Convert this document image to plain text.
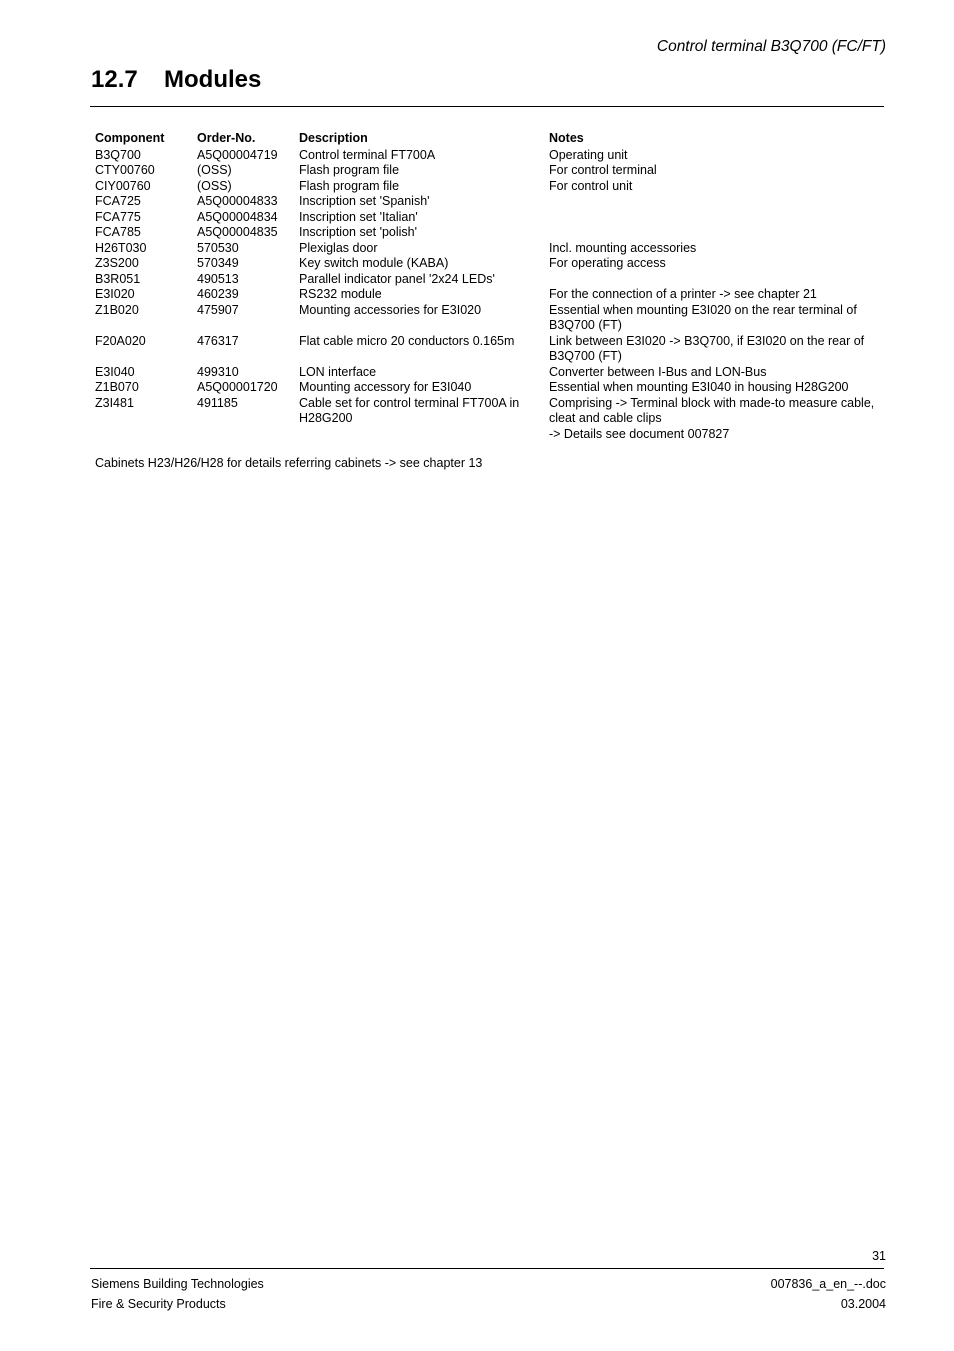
Control terminal B3Q700 (FC/FT)
12.7 Modules
Component	Order-No.	Description	Notes
B3Q700	A5Q00004719	Control terminal FT700A	Operating unit

CTY00760	(OSS)	Flash program file	For control terminal

CIY00760	(OSS)	Flash program file	For control unit

FCA725	A5Q00004833	Inscription set 'Spanish'	
FCA775	A5Q00004834	Inscription set 'Italian'	
FCA785	A5Q00004835	Inscription set 'polish'	
H26T030	570530	Plexiglas door	Incl. mounting accessories

Z3S200	570349	Key switch module (KABA)	For operating access

B3R051	490513	Parallel indicator panel '2x24 LEDs'	
E3I020	460239	RS232 module	For the connection of a printer -> see chapter 21

Z1B020	475907	Mounting accessories for E3I020	Essential when mounting E3I020 on the rear terminal of B3Q700 (FT)

F20A020	476317	Flat cable micro 20 conductors 0.165m	Link between E3I020 -> B3Q700, if E3I020 on the rear of B3Q700 (FT)

E3I040	499310	LON interface	Converter between I-Bus and LON-Bus

Z1B070	A5Q00001720	Mounting accessory for E3I040	Essential when mounting E3I040 in housing H28G200

Z3I481	491185	Cable set for control terminal FT700A in H28G200	Comprising -> Terminal block with made-to measure cable, cleat and cable clips
-> Details see document 007827
Cabinets H23/H26/H28 for details referring cabinets -> see chapter 13
31
Siemens Building Technologies
Fire & Security Products
007836_a_en_--.doc
03.2004
